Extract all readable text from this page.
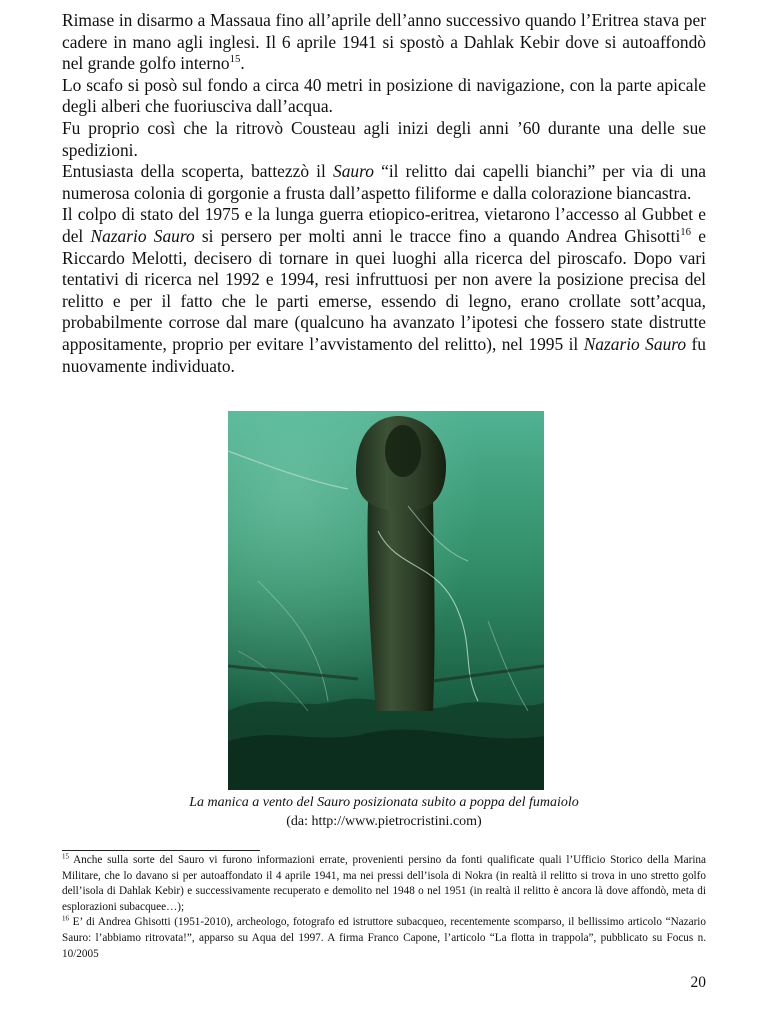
Rimase in disarmo a Massaua fino all’aprile dell’anno successivo quando l’Eritrea stava per cadere in mano agli inglesi. Il 6 aprile 1941 si spostò a Dahlak Kebir dove si autoaffondò nel grande golfo interno$^{15}$.

Lo scafo si posò sul fondo a circa 40 metri in posizione di navigazione, con la parte apicale degli alberi che fuoriusciva dall’acqua.

Fu proprio così che la ritrovò Cousteau agli inizi degli anni ’60 durante una delle sue spedizioni.

Entusiasta della scoperta, battezzò il Sauro “il relitto dai capelli bianchi” per via di una numerosa colonia di gorgonie a frusta dall’aspetto filiforme e dalla colorazione biancastra.

Il colpo di stato del 1975 e la lunga guerra etiopico-eritrea, vietarono l’accesso al Gubbet e del Nazario Sauro si persero per molti anni le tracce fino a quando Andrea Ghisotti$^{16}$ e Riccardo Melotti, decisero di tornare in quei luoghi alla ricerca del piroscafo. Dopo vari tentativi di ricerca nel 1992 e 1994, resi infruttuosi per non avere la posizione precisa del relitto e per il fatto che le parti emerse, essendo di legno, erano crollate sott’acqua, probabilmente corrose dal mare (qualcuno ha avanzato l’ipotesi che fossero state distrutte appositamente, proprio per evitare l’avvistamento del relitto), nel 1995 il Nazario Sauro fu nuovamente individuato.

La manica a vento del Sauro posizionata subito a poppa del fumaiolo
(da: http://www.pietrocristini.com)

$^{15}$ Anche sulla sorte del Sauro vi furono informazioni errate, provenienti persino da fonti qualificate quali l’Ufficio Storico della Marina Militare, che lo davano si per autoaffondato il 4 aprile 1941, ma nei pressi dell’isola di Nokra (in realtà il relitto si trova in uno stretto golfo dell’isola di Dahlak Kebir) e successivamente recuperato e demolito nel 1948 o nel 1951 (in realtà il relitto è ancora là dove affondò, meta di esplorazioni subacquee…);

$^{16}$ E’ di Andrea Ghisotti (1951-2010), archeologo, fotografo ed istruttore subacqueo, recentemente scomparso, il bellissimo articolo “Nazario Sauro: l’abbiamo ritrovata!”, apparso su Aqua del 1997. A firma Franco Capone, l’articolo “La flotta in trappola”, pubblicato su Focus n. 10/2005

20
